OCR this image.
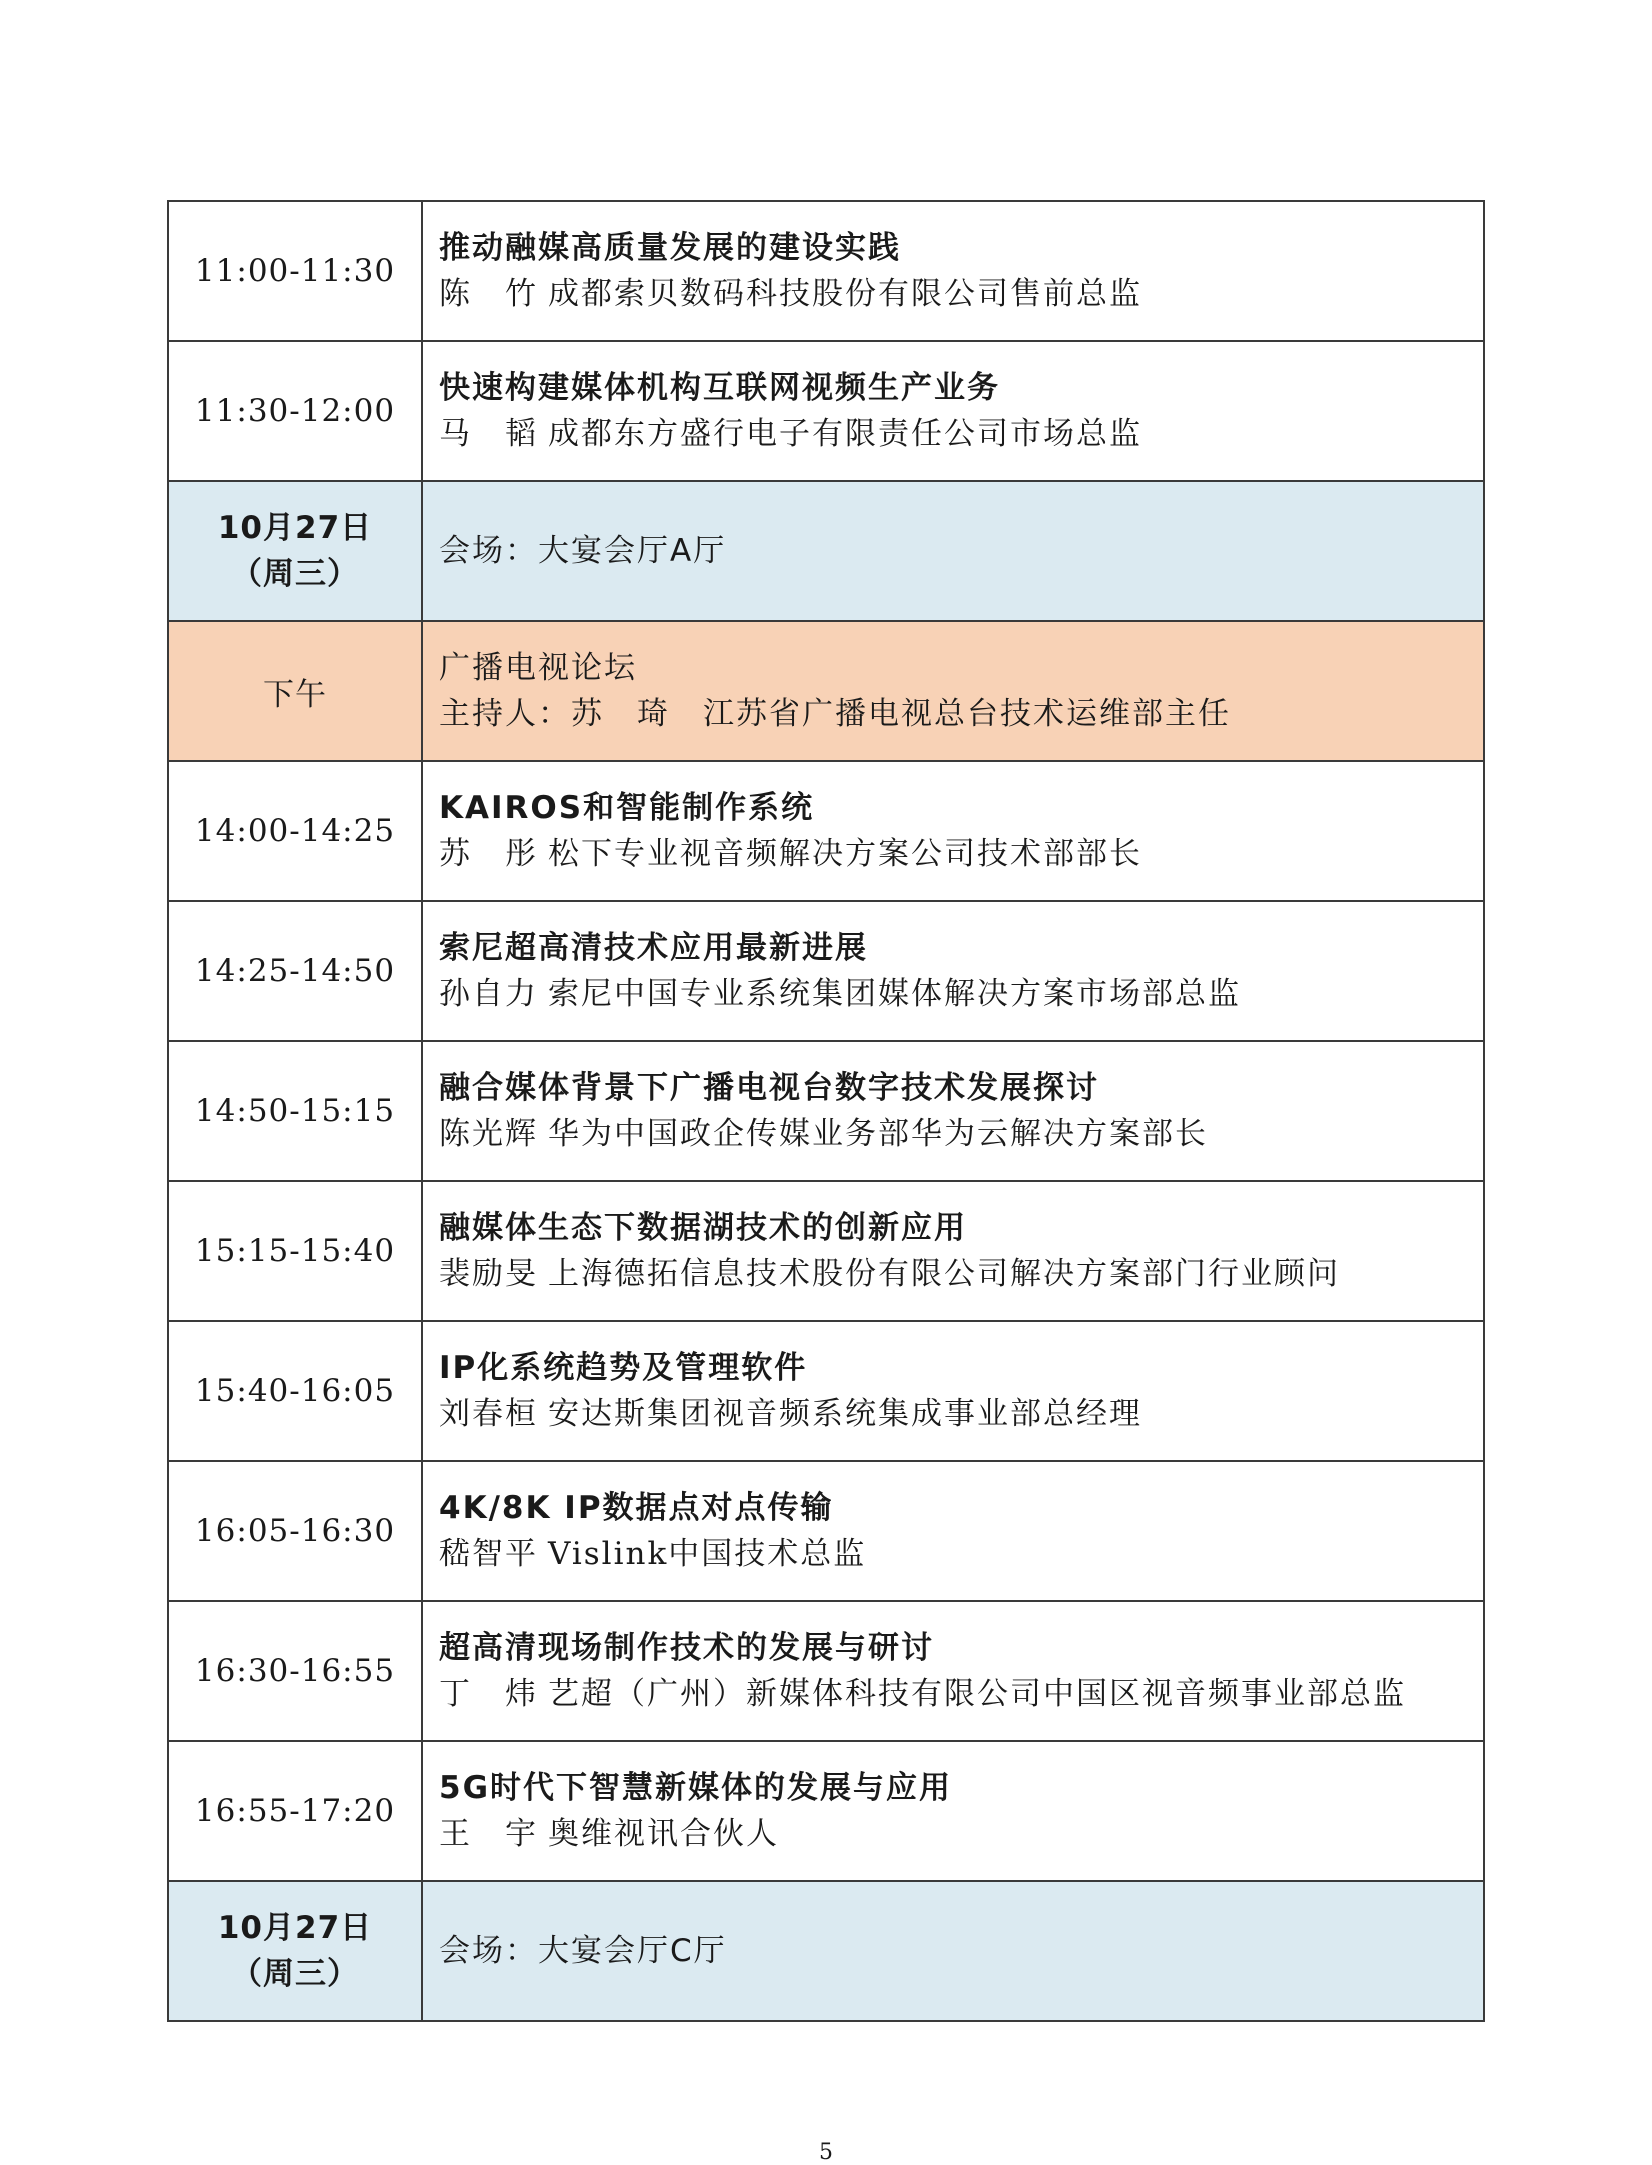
11:00-11:30	推动融媒高质量发展的建设实践
陈　竹 成都索贝数码科技股份有限公司售前总监

11:30-12:00	快速构建媒体机构互联网视频生产业务
马　韬 成都东方盛行电子有限责任公司市场总监

10月27日
（周三）	会场：大宴会厅A厅
下午	广播电视论坛
主持人：苏　琦　江苏省广播电视总台技术运维部主任

14:00-14:25	KAIROS和智能制作系统
苏　彤 松下专业视音频解决方案公司技术部部长

14:25-14:50	索尼超高清技术应用最新进展
孙自力 索尼中国专业系统集团媒体解决方案市场部总监

14:50-15:15	融合媒体背景下广播电视台数字技术发展探讨
陈光辉 华为中国政企传媒业务部华为云解决方案部长

15:15-15:40	融媒体生态下数据湖技术的创新应用
裴励旻 上海德拓信息技术股份有限公司解决方案部门行业顾问

15:40-16:05	IP化系统趋势及管理软件
刘春桓 安达斯集团视音频系统集成事业部总经理

16:05-16:30	4K/8K IP数据点对点传输
嵇智平 Vislink中国技术总监

16:30-16:55	超高清现场制作技术的发展与研讨
丁　炜 艺超（广州）新媒体科技有限公司中国区视音频事业部总监

16:55-17:20	5G时代下智慧新媒体的发展与应用
王　宇 奥维视讯合伙人

10月27日
（周三）	会场：大宴会厅C厅
5
